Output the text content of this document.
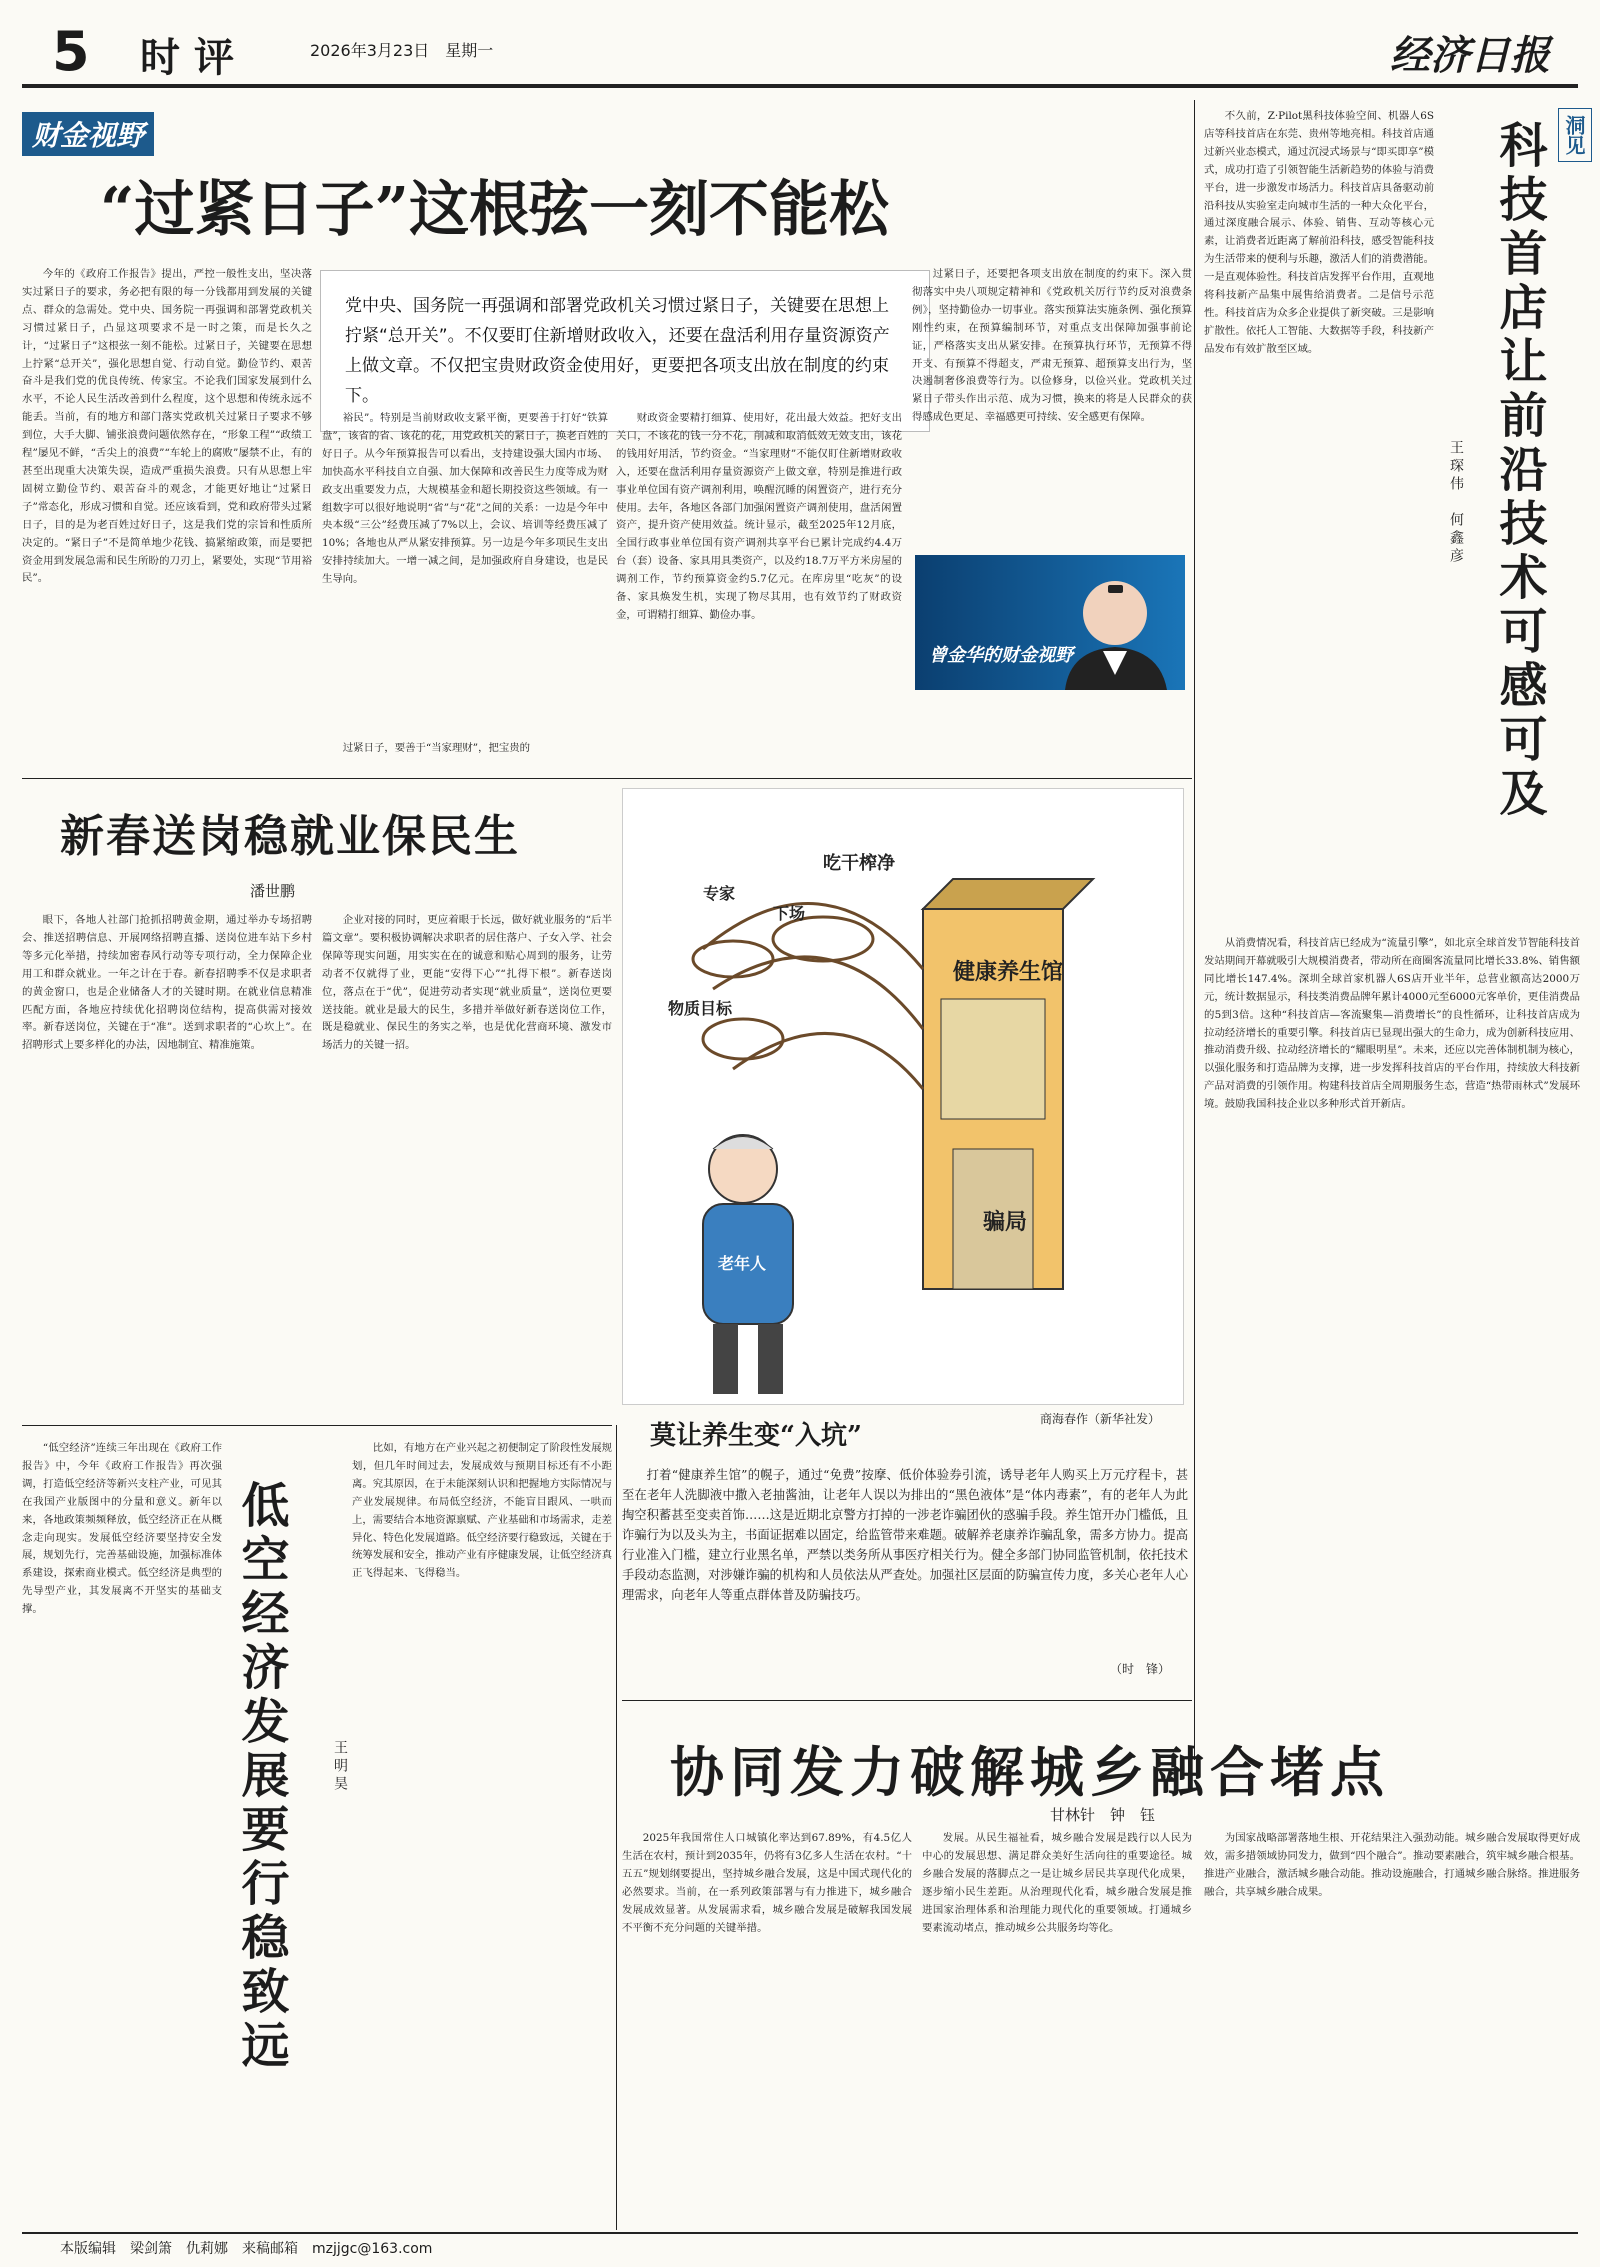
5 时评	2026年3月23日　星期一	经济日报
财金视野
“过紧日子”这根弦一刻不能松
党中央、国务院一再强调和部署党政机关习惯过紧日子，关键要在思想上拧紧“总开关”。不仅要盯住新增财政收入，还要在盘活利用存量资源资产上做文章。不仅把宝贵财政资金使用好，更要把各项支出放在制度的约束下。

今年的《政府工作报告》提出，严控一般性支出，坚决落实过紧日子的要求，务必把有限的每一分钱都用到发展的关键点、群众的急需处。党中央、国务院一再强调和部署党政机关习惯过紧日子，凸显这项要求不是一时之策，而是长久之计，“过紧日子”这根弦一刻不能松。过紧日子，关键要在思想上拧紧“总开关”，强化思想自觉、行动自觉。勤俭节约、艰苦奋斗是我们党的优良传统、传家宝。不论我们国家发展到什么水平，不论人民生活改善到什么程度，这个思想和传统永远不能丢。当前，有的地方和部门落实党政机关过紧日子要求不够到位，大手大脚、铺张浪费问题依然存在，“形象工程”“政绩工程”屡见不鲜，“舌尖上的浪费”“车轮上的腐败”屡禁不止，有的甚至出现重大决策失误，造成严重损失浪费。只有从思想上牢固树立勤俭节约、艰苦奋斗的观念，才能更好地让“过紧日子”常态化，形成习惯和自觉。还应该看到，党和政府带头过紧日子，目的是为老百姓过好日子，这是我们党的宗旨和性质所决定的。“紧日子”不是简单地少花钱、搞紧缩政策，而是要把资金用到发展急需和民生所盼的刀刃上，紧要处，实现“节用裕民”。

裕民”。特别是当前财政收支紧平衡，更要善于打好“铁算盘”，该省的省、该花的花，用党政机关的紧日子，换老百姓的好日子。从今年预算报告可以看出，支持建设强大国内市场、加快高水平科技自立自强、加大保障和改善民生力度等成为财政支出重要发力点，大规模基金和超长期投资这些领域。有一组数字可以很好地说明“省”与“花”之间的关系：一边是今年中央本级“三公”经费压减了7%以上，会议、培训等经费压减了10%；各地也从严从紧安排预算。另一边是今年多项民生支出安排持续加大。一增一减之间，是加强政府自身建设，也是民生导向。

过紧日子，要善于“当家理财”，把宝贵的

财政资金要精打细算、使用好，花出最大效益。把好支出关口，不该花的钱一分不花，削减和取消低效无效支出，该花的钱用好用活，节约资金。“当家理财”不能仅盯住新增财政收入，还要在盘活利用存量资源资产上做文章，特别是推进行政事业单位国有资产调剂利用，唤醒沉睡的闲置资产，进行充分使用。去年，各地区各部门加强闲置资产调剂使用，盘活闲置资产，提升资产使用效益。统计显示，截至2025年12月底，全国行政事业单位国有资产调剂共享平台已累计完成约4.4万台（套）设备、家具用具类资产，以及约18.7万平方米房屋的调剂工作，节约预算资金约5.7亿元。在库房里“吃灰”的设备、家具焕发生机，实现了物尽其用，也有效节约了财政资金，可谓精打细算、勤俭办事。

过紧日子，还要把各项支出放在制度的约束下。深入贯彻落实中央八项规定精神和《党政机关厉行节约反对浪费条例》，坚持勤俭办一切事业。落实预算法实施条例、强化预算刚性约束，在预算编制环节，对重点支出保障加强事前论证，严格落实支出从紧安排。在预算执行环节，无预算不得开支、有预算不得超支，严肃无预算、超预算支出行为，坚决遏制奢侈浪费等行为。以俭修身，以俭兴业。党政机关过紧日子带头作出示范、成为习惯，换来的将是人民群众的获得感成色更足、幸福感更可持续、安全感更有保障。

曾金华的财金视野
洞见
科技首店让前沿技术可感可及
王琛伟　何鑫彦

不久前，Z·Pilot黑科技体验空间、机器人6S店等科技首店在东莞、贵州等地亮相。科技首店通过新兴业态模式，通过沉浸式场景与“即买即享”模式，成功打造了引领智能生活新趋势的体验与消费平台，进一步激发市场活力。科技首店具备驱动前沿科技从实验室走向城市生活的一种大众化平台，通过深度融合展示、体验、销售、互动等核心元素，让消费者近距离了解前沿科技，感受智能科技为生活带来的便利与乐趣，激活人们的消费潜能。一是直观体验性。科技首店发挥平台作用，直观地将科技新产品集中展售给消费者。二是信号示范性。科技首店为众多企业提供了新突破。三是影响扩散性。依托人工智能、大数据等手段，科技新产品发布有效扩散至区域。

从消费情况看，科技首店已经成为“流量引擎”，如北京全球首发节智能科技首发站期间开幕就吸引大规模消费者，带动所在商圈客流量同比增长33.8%、销售额同比增长147.4%。深圳全球首家机器人6S店开业半年，总营业额高达2000万元，统计数据显示，科技类消费品牌年累计4000元至6000元客单价，更佳消费品的5到3倍。这种“科技首店—客流聚集—消费增长”的良性循环，让科技首店成为拉动经济增长的重要引擎。科技首店已显现出强大的生命力，成为创新科技应用、推动消费升级、拉动经济增长的“耀眼明星”。未来，还应以完善体制机制为核心，以强化服务和打造品牌为支撑，进一步发挥科技首店的平台作用，持续放大科技新产品对消费的引领作用。构建科技首店全周期服务生态，营造“热带雨林式”发展环境。鼓励我国科技企业以多种形式首开新店。

新春送岗稳就业保民生
潘世鹏

眼下，各地人社部门抢抓招聘黄金期，通过举办专场招聘会、推送招聘信息、开展网络招聘直播、送岗位进车站下乡村等多元化举措，持续加密春风行动等专项行动，全力保障企业用工和群众就业。一年之计在于春。新春招聘季不仅是求职者的黄金窗口，也是企业储备人才的关键时期。在就业信息精准匹配方面，各地应持续优化招聘岗位结构，提高供需对接效率。新春送岗位，关键在于“准”。送到求职者的“心坎上”。在招聘形式上要多样化的办法，因地制宜、精准施策。

企业对接的同时，更应着眼于长远，做好就业服务的“后半篇文章”。要积极协调解决求职者的居住落户、子女入学、社会保障等现实问题，用实实在在的诚意和贴心周到的服务，让劳动者不仅就得了业，更能“安得下心”“扎得下根”。新春送岗位，落点在于“优”，促进劳动者实现“就业质量”，送岗位更要送技能。就业是最大的民生，多措并举做好新春送岗位工作，既是稳就业、保民生的务实之举，也是优化营商环境、激发市场活力的关键一招。

吃干榨净
专家
下场
物质目标
健康养生馆
骗局
老年人
商海春作（新华社发）
莫让养生变“入坑”

打着“健康养生馆”的幌子，通过“免费”按摩、低价体验券引流，诱导老年人购买上万元疗程卡，甚至在老年人洗脚液中撒入老抽酱油，让老年人误以为排出的“黑色液体”是“体内毒素”，有的老年人为此掏空积蓄甚至变卖首饰……这是近期北京警方打掉的一涉老诈骗团伙的惑骗手段。养生馆开办门槛低，且诈骗行为以及头为主，书面证据难以固定，给监管带来难题。破解养老康养诈骗乱象，需多方协力。提高行业准入门槛，建立行业黑名单，严禁以类务所从事医疗相关行为。健全多部门协同监管机制，依托技术手段动态监测，对涉嫌诈骗的机构和人员依法从严查处。加强社区层面的防骗宣传力度，多关心老年人心理需求，向老年人等重点群体普及防骗技巧。

（时　锋）
低空经济发展要行稳致远	王明昊

“低空经济”连续三年出现在《政府工作报告》中，今年《政府工作报告》再次强调，打造低空经济等新兴支柱产业，可见其在我国产业版图中的分量和意义。新年以来，各地政策频频释放，低空经济正在从概念走向现实。发展低空经济要坚持安全发展，规划先行，完善基础设施，加强标准体系建设，探索商业模式。低空经济是典型的先导型产业，其发展离不开坚实的基础支撑。

比如，有地方在产业兴起之初便制定了阶段性发展规划，但几年时间过去，发展成效与预期目标还有不小距离。究其原因，在于未能深刻认识和把握地方实际情况与产业发展规律。布局低空经济，不能盲目跟风、一哄而上，需要结合本地资源禀赋、产业基础和市场需求，走差异化、特色化发展道路。低空经济要行稳致远，关键在于统筹发展和安全，推动产业有序健康发展，让低空经济真正飞得起来、飞得稳当。

协同发力破解城乡融合堵点
甘林针　钟　钰

2025年我国常住人口城镇化率达到67.89%，有4.5亿人生活在农村，预计到2035年，仍将有3亿多人生活在农村。“十五五”规划纲要提出，坚持城乡融合发展，这是中国式现代化的必然要求。当前，在一系列政策部署与有力推进下，城乡融合发展成效显著。从发展需求看，城乡融合发展是破解我国发展不平衡不充分问题的关键举措。

发展。从民生福祉看，城乡融合发展是践行以人民为中心的发展思想、满足群众美好生活向往的重要途径。城乡融合发展的落脚点之一是让城乡居民共享现代化成果，逐步缩小民生差距。从治理现代化看，城乡融合发展是推进国家治理体系和治理能力现代化的重要领域。打通城乡要素流动堵点，推动城乡公共服务均等化。

为国家战略部署落地生根、开花结果注入强劲动能。城乡融合发展取得更好成效，需多措领域协同发力，做到“四个融合”。推动要素融合，筑牢城乡融合根基。推进产业融合，激活城乡融合动能。推动设施融合，打通城乡融合脉络。推进服务融合，共享城乡融合成果。

本版编辑　梁剑箫　仇莉娜　来稿邮箱　mzjjgc@163.com
